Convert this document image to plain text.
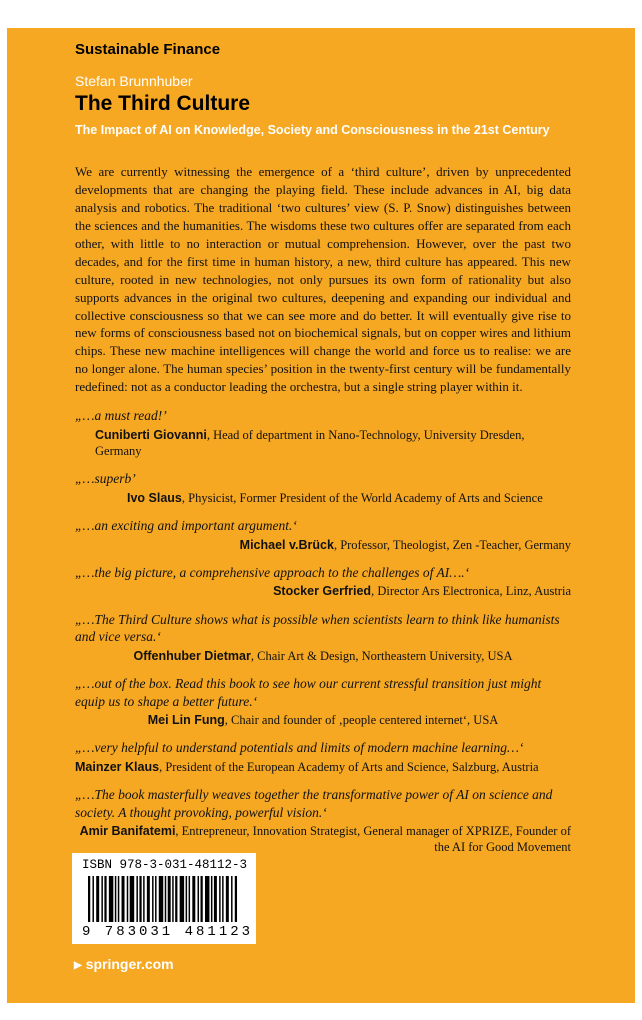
Sustainable Finance
Stefan Brunnhuber
The Third Culture
The Impact of AI on Knowledge, Society and Consciousness in the 21st Century

We are currently witnessing the emergence of a ‘third culture’, driven by unprecedented developments that are changing the playing field. These include advances in AI, big data analysis and robotics. The traditional ‘two cultures’ view (S. P. Snow) distinguishes between the sciences and the humanities. The wisdoms these two cultures offer are separated from each other, with little to no interaction or mutual comprehension. However, over the past two decades, and for the first time in human history, a new, third culture has appeared. This new culture, rooted in new technologies, not only pursues its own form of rationality but also supports advances in the original two cultures, deepening and expanding our individual and collective consciousness so that we can see more and do better. It will eventually give rise to new forms of consciousness based not on biochemical signals, but on copper wires and lithium chips. These new machine intelligences will change the world and force us to realise: we are no longer alone. The human species’ position in the twenty-first century will be fundamentally redefined: not as a conductor leading the orchestra, but a single string player within it.

„…a must read!’
Cuniberti Giovanni, Head of department in Nano-Technology, University Dresden, Germany
„…superb’
Ivo Slaus, Physicist, Former President of the World Academy of Arts and Science
„…an exciting and important argument.‘
Michael v.Brück, Professor, Theologist, Zen -Teacher, Germany
„…the big picture, a comprehensive approach to the challenges of AI….‘
Stocker Gerfried, Director Ars Electronica, Linz, Austria
„…The Third Culture shows what is possible when scientists learn to think like humanists and vice versa.‘
Offenhuber Dietmar, Chair Art & Design, Northeastern University, USA
„…out of the box. Read this book to see how our current stressful transition just might equip us to shape a better future.‘
Mei Lin Fung, Chair and founder of ‚people centered internet‘, USA
„…very helpful to understand potentials and limits of modern machine learning…‘
Mainzer Klaus, President of the European Academy of Arts and Science, Salzburg, Austria
„…The book masterfully weaves together the transformative power of AI on science and society. A thought provoking, powerful vision.‘
Amir Banifatemi, Entrepreneur, Innovation Strategist, General manager of XPRIZE, Founder of the AI for Good Movement
ISBN 978-3-031-48112-3
9 783031 481123
▶ springer.com
